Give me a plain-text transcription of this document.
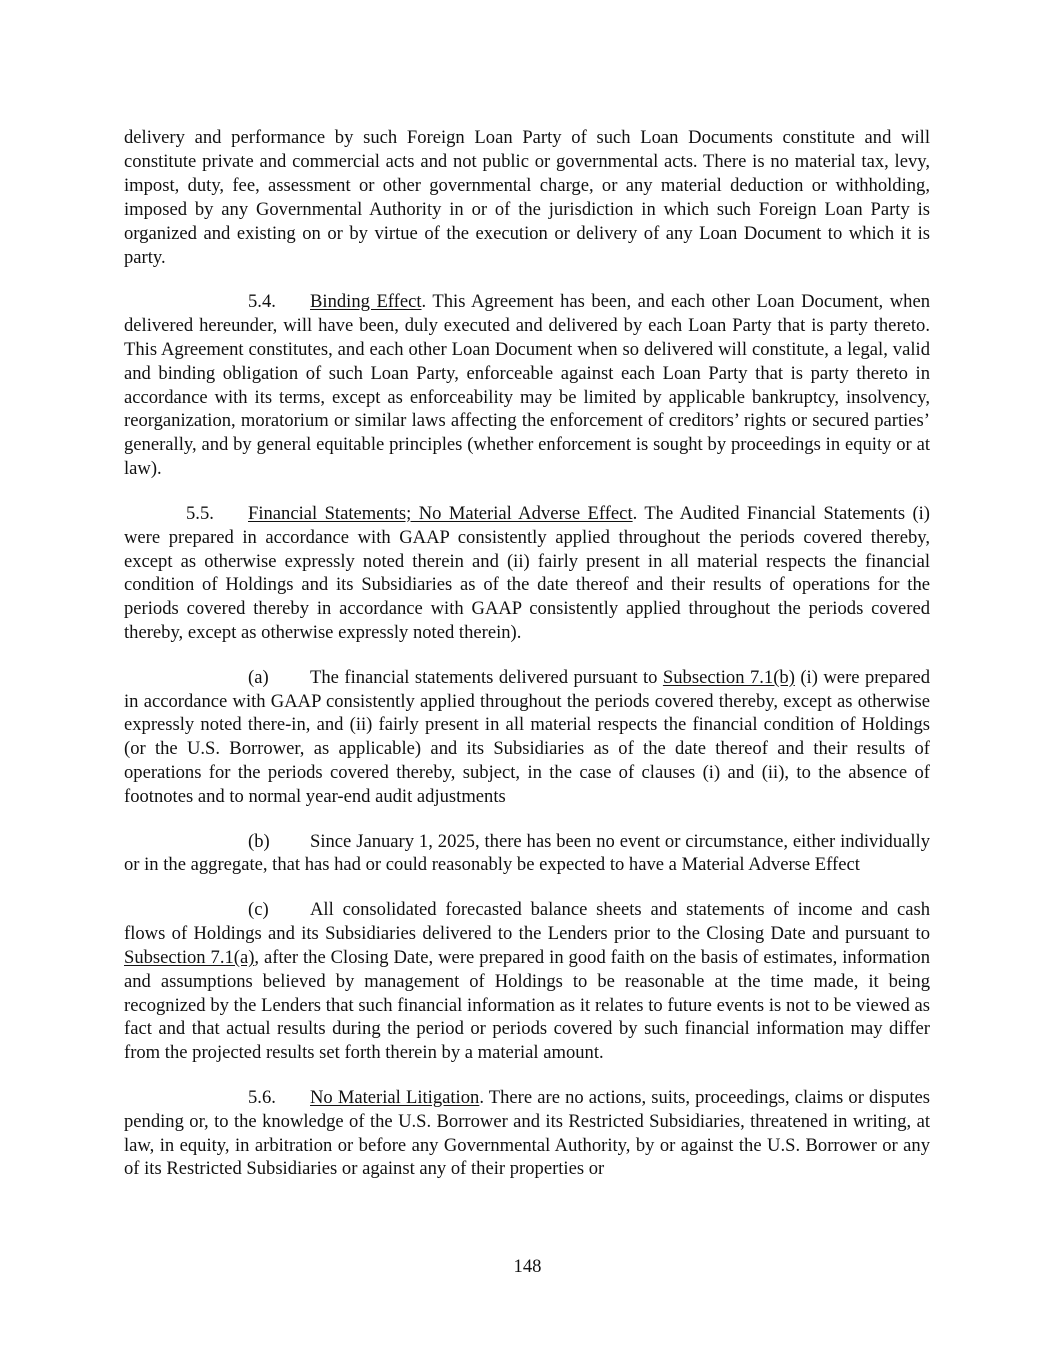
delivery and performance by such Foreign Loan Party of such Loan Documents constitute and will constitute private and commercial acts and not public or governmental acts. There is no material tax, levy, impost, duty, fee, assessment or other governmental charge, or any material deduction or withholding, imposed by any Governmental Authority in or of the jurisdiction in which such Foreign Loan Party is organized and existing on or by virtue of the execution or delivery of any Loan Document to which it is party.

5.4. Binding Effect. This Agreement has been, and each other Loan Document, when delivered hereunder, will have been, duly executed and delivered by each Loan Party that is party thereto. This Agreement constitutes, and each other Loan Document when so delivered will constitute, a legal, valid and binding obligation of such Loan Party, enforceable against each Loan Party that is party thereto in accordance with its terms, except as enforceability may be limited by applicable bankruptcy, insolvency, reorganization, moratorium or similar laws affecting the enforcement of creditors’ rights or secured parties’ generally, and by general equitable principles (whether enforcement is sought by proceedings in equity or at law).

5.5. Financial Statements; No Material Adverse Effect. The Audited Financial Statements (i) were prepared in accordance with GAAP consistently applied throughout the periods covered thereby, except as otherwise expressly noted therein and (ii) fairly present in all material respects the financial condition of Holdings and its Subsidiaries as of the date thereof and their results of operations for the periods covered thereby in accordance with GAAP consistently applied throughout the periods covered thereby, except as otherwise expressly noted therein).

(a) The financial statements delivered pursuant to Subsection 7.1(b) (i) were prepared in accordance with GAAP consistently applied throughout the periods covered thereby, except as otherwise expressly noted there-in, and (ii) fairly present in all material respects the financial condition of Holdings (or the U.S. Borrower, as applicable) and its Subsidiaries as of the date thereof and their results of operations for the periods covered thereby, subject, in the case of clauses (i) and (ii), to the absence of footnotes and to normal year-end audit adjustments

(b) Since January 1, 2025, there has been no event or circumstance, either individually or in the aggregate, that has had or could reasonably be expected to have a Material Adverse Effect

(c) All consolidated forecasted balance sheets and statements of income and cash flows of Holdings and its Subsidiaries delivered to the Lenders prior to the Closing Date and pursuant to Subsection 7.1(a), after the Closing Date, were prepared in good faith on the basis of estimates, information and assumptions believed by management of Holdings to be reasonable at the time made, it being recognized by the Lenders that such financial information as it relates to future events is not to be viewed as fact and that actual results during the period or periods covered by such financial information may differ from the projected results set forth therein by a material amount.

5.6. No Material Litigation. There are no actions, suits, proceedings, claims or disputes pending or, to the knowledge of the U.S. Borrower and its Restricted Subsidiaries, threatened in writing, at law, in equity, in arbitration or before any Governmental Authority, by or against the U.S. Borrower or any of its Restricted Subsidiaries or against any of their properties or

148
